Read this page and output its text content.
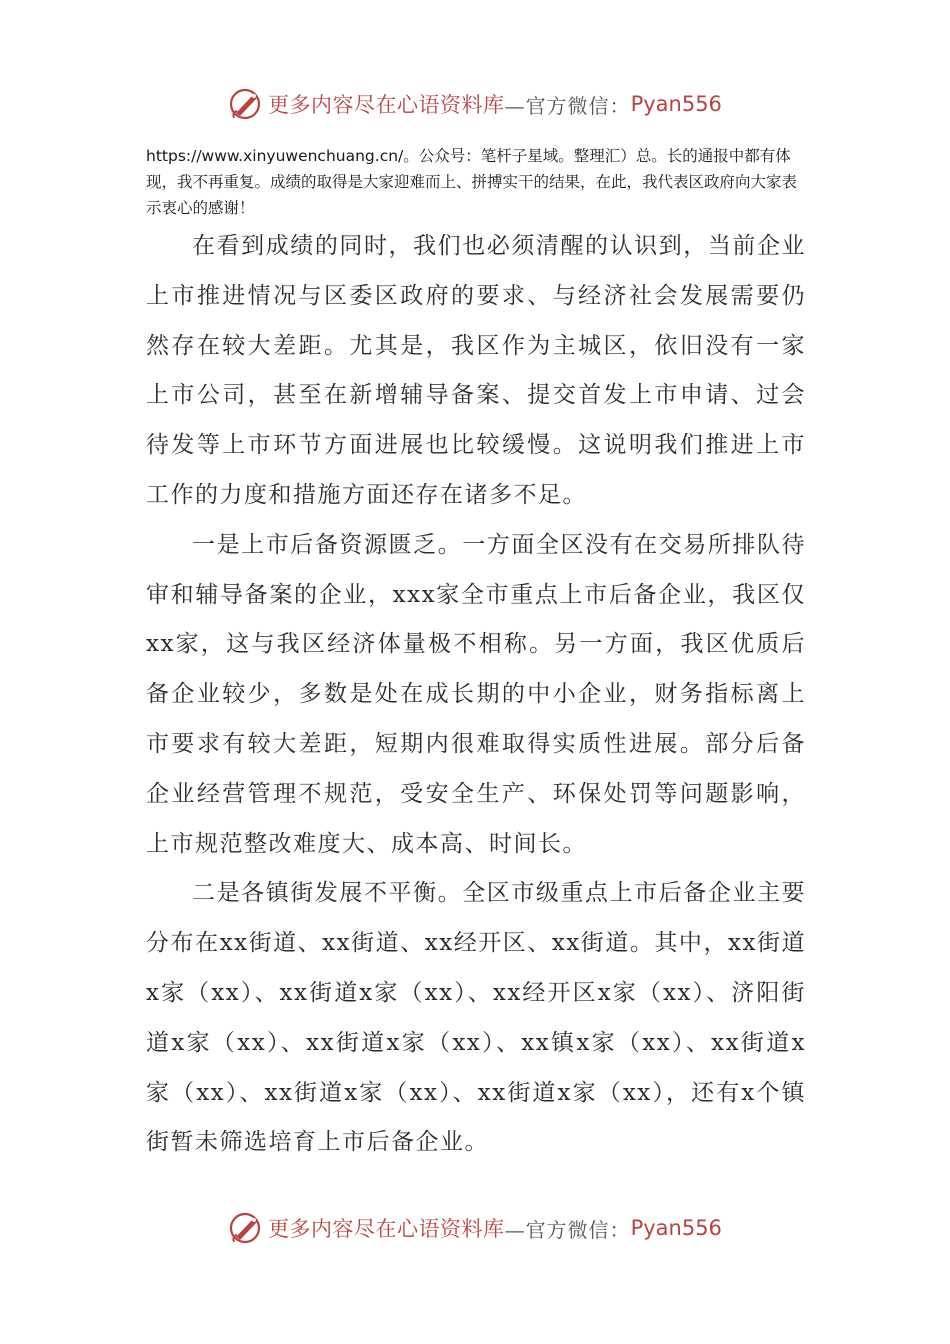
更多内容尽在心语资料库 —官方微信： Pyan556
https://www.xinyuwenchuang.cn/。公众号：笔杆子星域。整理汇）总。长的通报中都有体现，我不再重复。成绩的取得是大家迎难而上、拼搏实干的结果，在此，我代表区政府向大家表示衷心的感谢！

在看到成绩的同时，我们也必须清醒的认识到，当前企业上市推进情况与区委区政府的要求、与经济社会发展需要仍然存在较大差距。尤其是，我区作为主城区，依旧没有一家上市公司，甚至在新增辅导备案、提交首发上市申请、过会待发等上市环节方面进展也比较缓慢。这说明我们推进上市工作的力度和措施方面还存在诸多不足。

一是上市后备资源匮乏。一方面全区没有在交易所排队待审和辅导备案的企业，xxx家全市重点上市后备企业，我区仅xx家，这与我区经济体量极不相称。另一方面，我区优质后备企业较少，多数是处在成长期的中小企业，财务指标离上市要求有较大差距，短期内很难取得实质性进展。部分后备企业经营管理不规范，受安全生产、环保处罚等问题影响，上市规范整改难度大、成本高、时间长。

二是各镇街发展不平衡。全区市级重点上市后备企业主要分布在xx街道、xx街道、xx经开区、xx街道。其中，xx街道x家（xx）、xx街道x家（xx）、xx经开区x家（xx）、济阳街道x家（xx）、xx街道x家（xx）、xx镇x家（xx）、xx街道x家（xx）、xx街道x家（xx）、xx街道x家（xx），还有x个镇街暂未筛选培育上市后备企业。

更多内容尽在心语资料库 —官方微信： Pyan556
